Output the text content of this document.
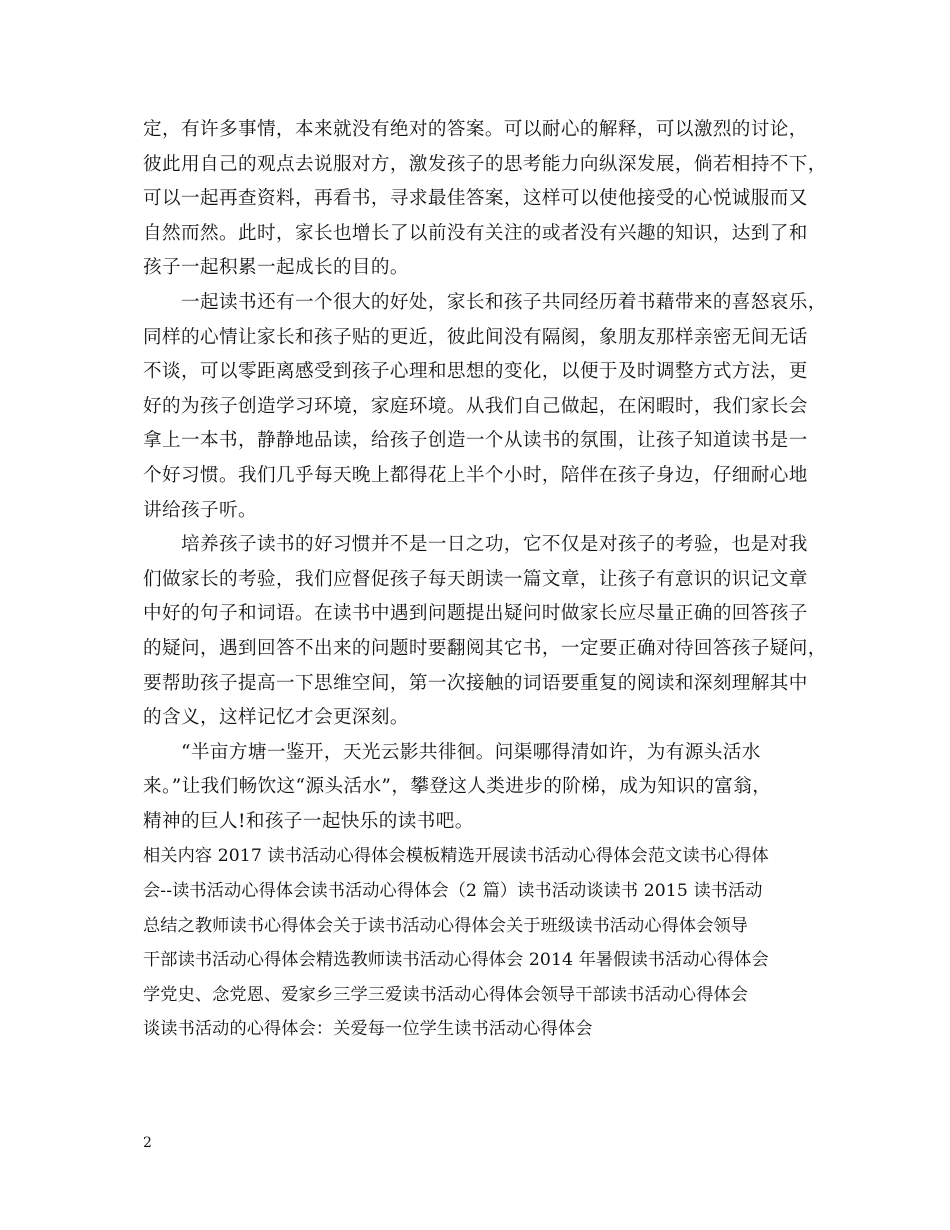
定，有许多事情，本来就没有绝对的答案。可以耐心的解释，可以激烈的讨论，
彼此用自己的观点去说服对方，激发孩子的思考能力向纵深发展，倘若相持不下，
可以一起再查资料，再看书，寻求最佳答案，这样可以使他接受的心悦诚服而又
自然而然。此时，家长也增长了以前没有关注的或者没有兴趣的知识，达到了和
孩子一起积累一起成长的目的。
　　一起读书还有一个很大的好处，家长和孩子共同经历着书藉带来的喜怒哀乐，
同样的心情让家长和孩子贴的更近，彼此间没有隔阂，象朋友那样亲密无间无话
不谈，可以零距离感受到孩子心理和思想的变化，以便于及时调整方式方法，更
好的为孩子创造学习环境，家庭环境。从我们自己做起，在闲暇时，我们家长会
拿上一本书，静静地品读，给孩子创造一个从读书的氛围，让孩子知道读书是一
个好习惯。我们几乎每天晚上都得花上半个小时，陪伴在孩子身边，仔细耐心地
讲给孩子听。
　　培养孩子读书的好习惯并不是一日之功，它不仅是对孩子的考验，也是对我
们做家长的考验，我们应督促孩子每天朗读一篇文章，让孩子有意识的识记文章
中好的句子和词语。在读书中遇到问题提出疑问时做家长应尽量正确的回答孩子
的疑问，遇到回答不出来的问题时要翻阅其它书，一定要正确对待回答孩子疑问，
要帮助孩子提高一下思维空间，第一次接触的词语要重复的阅读和深刻理解其中
的含义，这样记忆才会更深刻。
　　“半亩方塘一鉴开，天光云影共徘徊。问渠哪得清如许，为有源头活水
来。”让我们畅饮这“源头活水”，攀登这人类进步的阶梯，成为知识的富翁，
精神的巨人!和孩子一起快乐的读书吧。
相关内容 2017 读书活动心得体会模板精选开展读书活动心得体会范文读书心得体
会--读书活动心得体会读书活动心得体会（2 篇）读书活动谈读书 2015 读书活动
总结之教师读书心得体会关于读书活动心得体会关于班级读书活动心得体会领导
干部读书活动心得体会精选教师读书活动心得体会 2014 年暑假读书活动心得体会
学党史、念党恩、爱家乡三学三爱读书活动心得体会领导干部读书活动心得体会
谈读书活动的心得体会：关爱每一位学生读书活动心得体会
2
